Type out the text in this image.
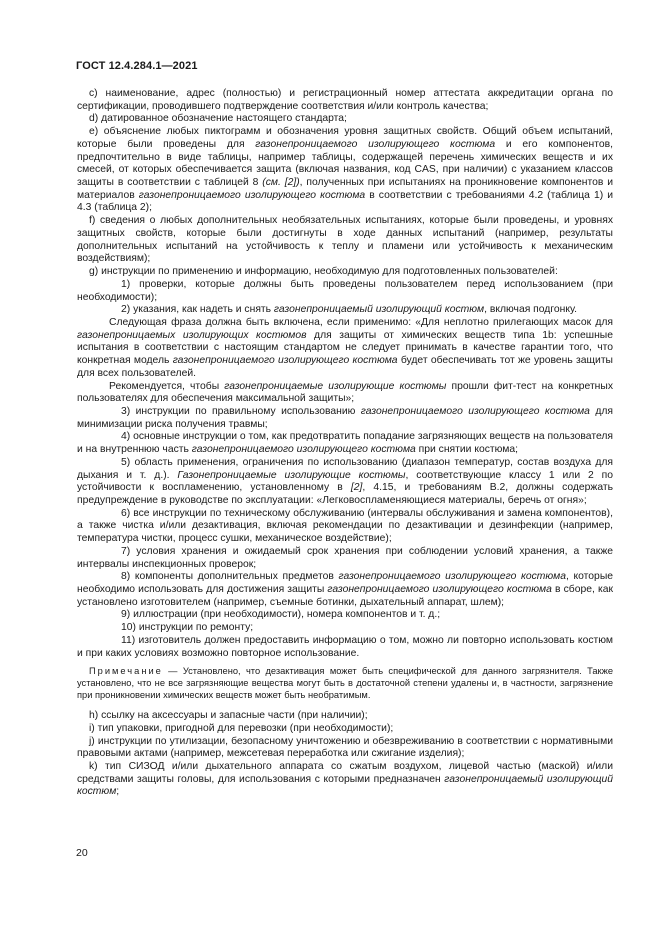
ГОСТ 12.4.284.1—2021

c) наименование, адрес (полностью) и регистрационный номер аттестата аккредитации органа по сертификации, проводившего подтверждение соответствия и/или контроль качества;

d) датированное обозначение настоящего стандарта;

е) объяснение любых пиктограмм и обозначения уровня защитных свойств. Общий объем испытаний, которые были проведены для газонепроницаемого изолирующего костюма и его компонентов, предпочтительно в виде таблицы, например таблицы, содержащей перечень химических веществ и их смесей, от которых обеспечивается защита (включая названия, код CAS, при наличии) с указанием классов защиты в соответствии с таблицей 8 (см. [2]), полученных при испытаниях на проникновение компонентов и материалов газонепроницаемого изолирующего костюма в соответствии с требованиями 4.2 (таблица 1) и 4.3 (таблица 2);

f) сведения о любых дополнительных необязательных испытаниях, которые были проведены, и уровнях защитных свойств, которые были достигнуты в ходе данных испытаний (например, результаты дополнительных испытаний на устойчивость к теплу и пламени или устойчивость к механическим воздействиям);

g) инструкции по применению и информацию, необходимую для подготовленных пользователей:

1) проверки, которые должны быть проведены пользователем перед использованием (при необходимости);

2) указания, как надеть и снять газонепроницаемый изолирующий костюм, включая подгонку.

Следующая фраза должна быть включена, если применимо: «Для неплотно прилегающих масок для газонепроницаемых изолирующих костюмов для защиты от химических веществ типа 1b: успешные испытания в соответствии с настоящим стандартом не следует принимать в качестве гарантии того, что конкретная модель газонепроницаемого изолирующего костюма будет обеспечивать тот же уровень защиты для всех пользователей.

Рекомендуется, чтобы газонепроницаемые изолирующие костюмы прошли фит-тест на конкретных пользователях для обеспечения максимальной защиты»;

3) инструкции по правильному использованию газонепроницаемого изолирующего костюма для минимизации риска получения травмы;

4) основные инструкции о том, как предотвратить попадание загрязняющих веществ на пользователя и на внутреннюю часть газонепроницаемого изолирующего костюма при снятии костюма;

5) область применения, ограничения по использованию (диапазон температур, состав воздуха для дыхания и т. д.). Газонепроницаемые изолирующие костюмы, соответствующие классу 1 или 2 по устойчивости к воспламенению, установленному в [2], 4.15, и требованиям В.2, должны содержать предупреждение в руководстве по эксплуатации: «Легковоспламеняющиеся материалы, беречь от огня»;

6) все инструкции по техническому обслуживанию (интервалы обслуживания и замена компонентов), а также чистка и/или дезактивация, включая рекомендации по дезактивации и дезинфекции (например, температура чистки, процесс сушки, механическое воздействие);

7) условия хранения и ожидаемый срок хранения при соблюдении условий хранения, а также интервалы инспекционных проверок;

8) компоненты дополнительных предметов газонепроницаемого изолирующего костюма, которые необходимо использовать для достижения защиты газонепроницаемого изолирующего костюма в сборе, как установлено изготовителем (например, съемные ботинки, дыхательный аппарат, шлем);

9) иллюстрации (при необходимости), номера компонентов и т. д.;

10) инструкции по ремонту;

11) изготовитель должен предоставить информацию о том, можно ли повторно использовать костюм и при каких условиях возможно повторное использование.

Примечание — Установлено, что дезактивация может быть специфической для данного загрязнителя. Также установлено, что не все загрязняющие вещества могут быть в достаточной степени удалены и, в частности, загрязнение при проникновении химических веществ может быть необратимым.

h) ссылку на аксессуары и запасные части (при наличии);

i) тип упаковки, пригодной для перевозки (при необходимости);

j) инструкции по утилизации, безопасному уничтожению и обезвреживанию в соответствии с нормативными правовыми актами (например, межсетевая переработка или сжигание изделия);

k) тип СИЗОД и/или дыхательного аппарата со сжатым воздухом, лицевой частью (маской) и/или средствами защиты головы, для использования с которыми предназначен газонепроницаемый изолирующий костюм;

20
